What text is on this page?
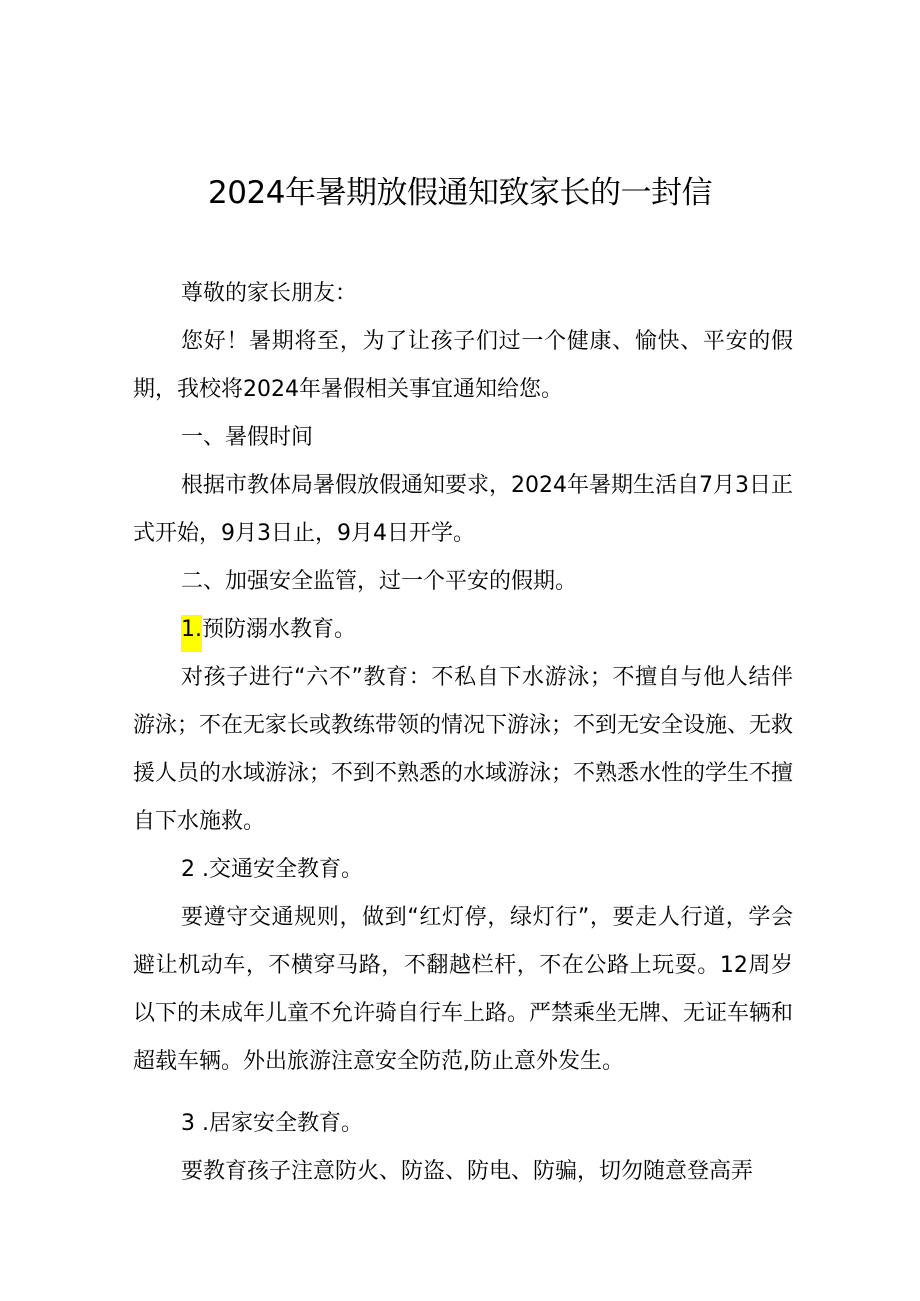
2024年暑期放假通知致家长的一封信

尊敬的家长朋友：

您好！暑期将至，为了让孩子们过一个健康、愉快、平安的假期，我校将2024年暑假相关事宜通知给您。

一、暑假时间

根据市教体局暑假放假通知要求，2024年暑期生活自7月3日正式开始，9月3日止，9月4日开学。

二、加强安全监管，过一个平安的假期。

1.预防溺水教育。

对孩子进行“六不”教育：不私自下水游泳；不擅自与他人结伴游泳；不在无家长或教练带领的情况下游泳；不到无安全设施、无救援人员的水域游泳；不到不熟悉的水域游泳；不熟悉水性的学生不擅自下水施救。

2 .交通安全教育。

要遵守交通规则，做到“红灯停，绿灯行”，要走人行道，学会避让机动车，不横穿马路，不翻越栏杆，不在公路上玩耍。12周岁以下的未成年儿童不允许骑自行车上路。严禁乘坐无牌、无证车辆和超载车辆。外出旅游注意安全防范,防止意外发生。

3 .居家安全教育。

要教育孩子注意防火、防盗、防电、防骗，切勿随意登高弄
